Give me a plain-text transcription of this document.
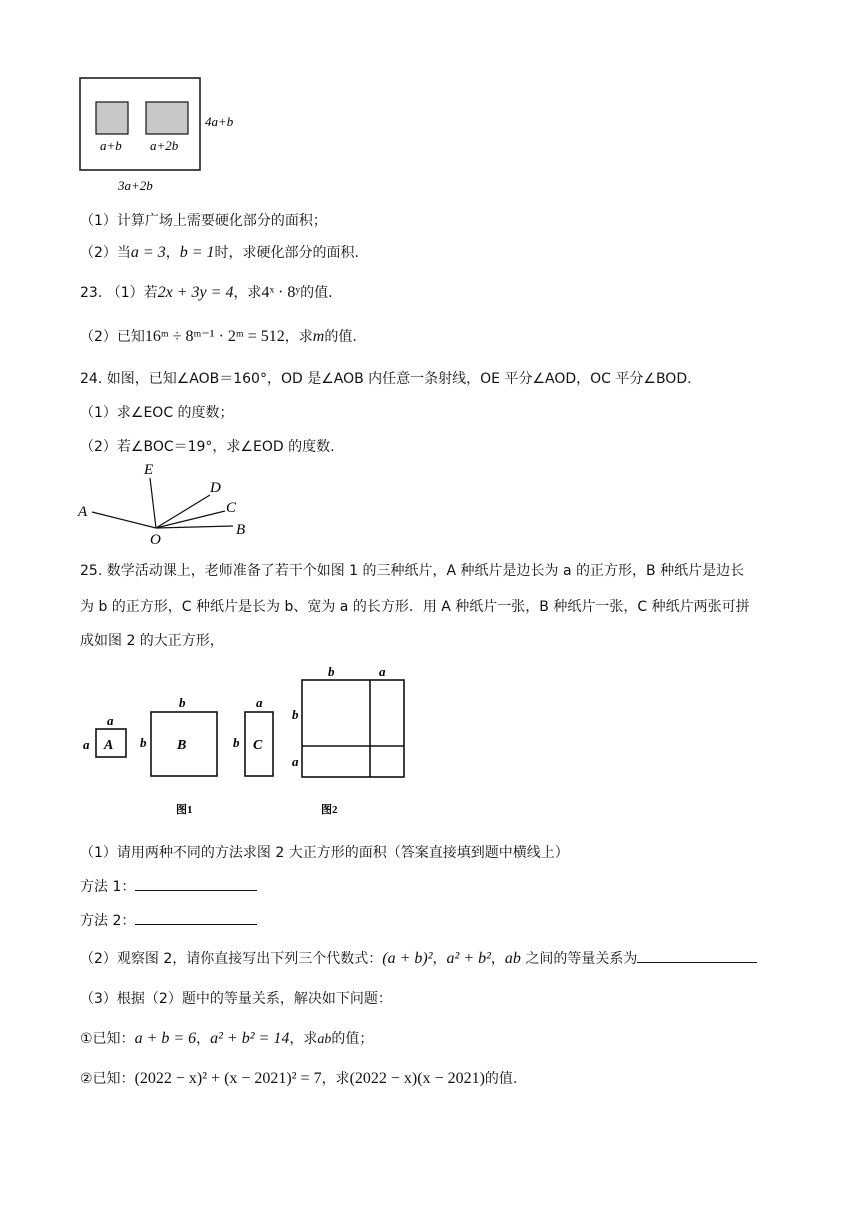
a+b a+2b
4a+b
3a+2b
（1）计算广场上需要硬化部分的面积；
（2）当a = 3，b = 1时，求硬化部分的面积.
23. （1）若2x + 3y = 4，求4ˣ · 8ʸ的值.
（2）已知16ᵐ ÷ 8ᵐ⁻¹ · 2ᵐ = 512，求m的值.
24. 如图，已知∠AOB＝160°，OD 是∠AOB 内任意一条射线，OE 平分∠AOD，OC 平分∠BOD.
（1）求∠EOC 的度数；
（2）若∠BOC＝19°，求∠EOD 的度数.
A
E
D
C
B
O
25. 数学活动课上，老师准备了若干个如图 1 的三种纸片，A 种纸片是边长为 a 的正方形，B 种纸片是边长
为 b 的正方形，C 种纸片是长为 b、宽为 a 的长方形．用 A 种纸片一张，B 种纸片一张，C 种纸片两张可拼
成如图 2 的大正方形，
A
a
a	B
b
b	C
a
b
b	a
b
a
图1	图2
（1）请用两种不同的方法求图 2 大正方形的面积（答案直接填到题中横线上）
方法 1：
方法 2：
（2）观察图 2，请你直接写出下列三个代数式：(a + b)²，a² + b²，ab 之间的等量关系为
（3）根据（2）题中的等量关系，解决如下问题：
①已知：a + b = 6，a² + b² = 14，求ab的值；
②已知：(2022 − x)² + (x − 2021)² = 7，求(2022 − x)(x − 2021)的值.
